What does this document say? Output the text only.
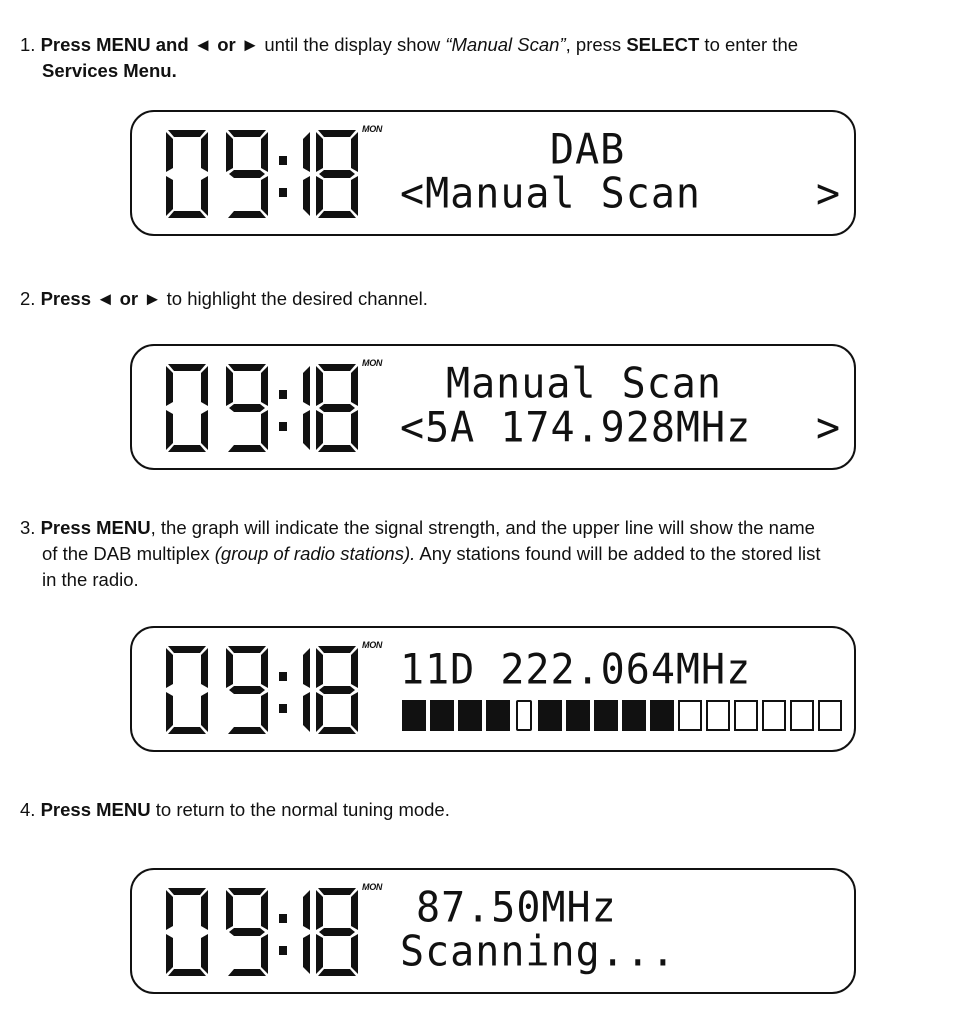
1. Press MENU and ◄ or ► until the display show “Manual Scan”, press SELECT to enter the
Services Menu.
MON	DAB
<Manual Scan	>
2. Press ◄ or ► to highlight the desired channel.
MON Manual Scan
<5A 174.928MHz >
3. Press MENU, the graph will indicate the signal strength, and the upper line will show the name
of the DAB multiplex (group of radio stations). Any stations found will be added to the stored list
in the radio.
MON
11D 222.064MHz
4. Press MENU to return to the normal tuning mode.
MON 87.50MHz
Scanning...
